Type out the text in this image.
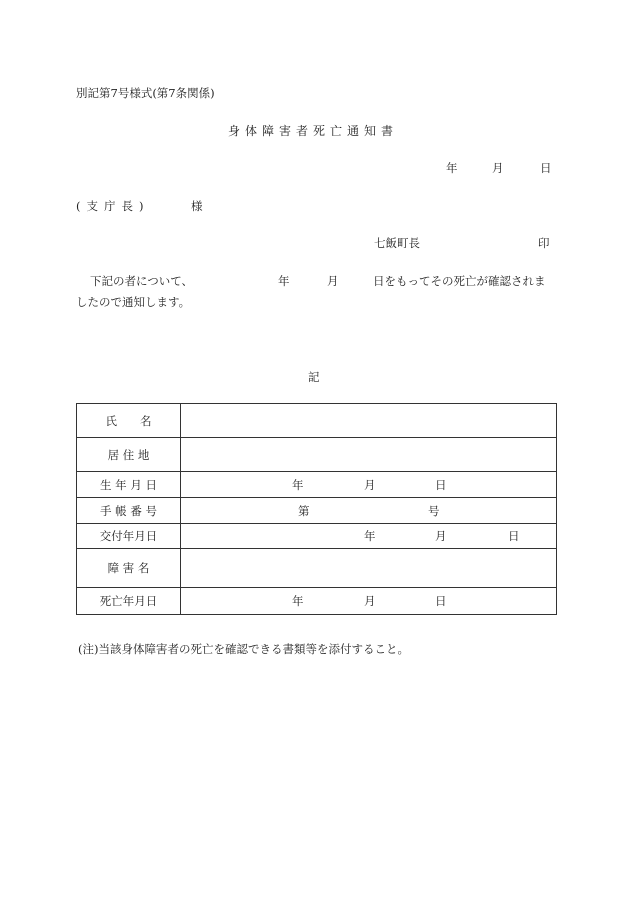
別記第7号様式(第7条関係)
身体障害者死亡通知書
年	月	日
(支庁長)	様
七飯町長	印
下記の者について、	年	月	日をもってその死亡が確認されま
したので通知します。
記
氏　　名	
居 住 地	
生 年 月 日	年 月 日

手 帳 番 号	第 号

交付年月日	年 月 日

障 害 名	
死亡年月日	年 月 日
(注)当該身体障害者の死亡を確認できる書類等を添付すること。
